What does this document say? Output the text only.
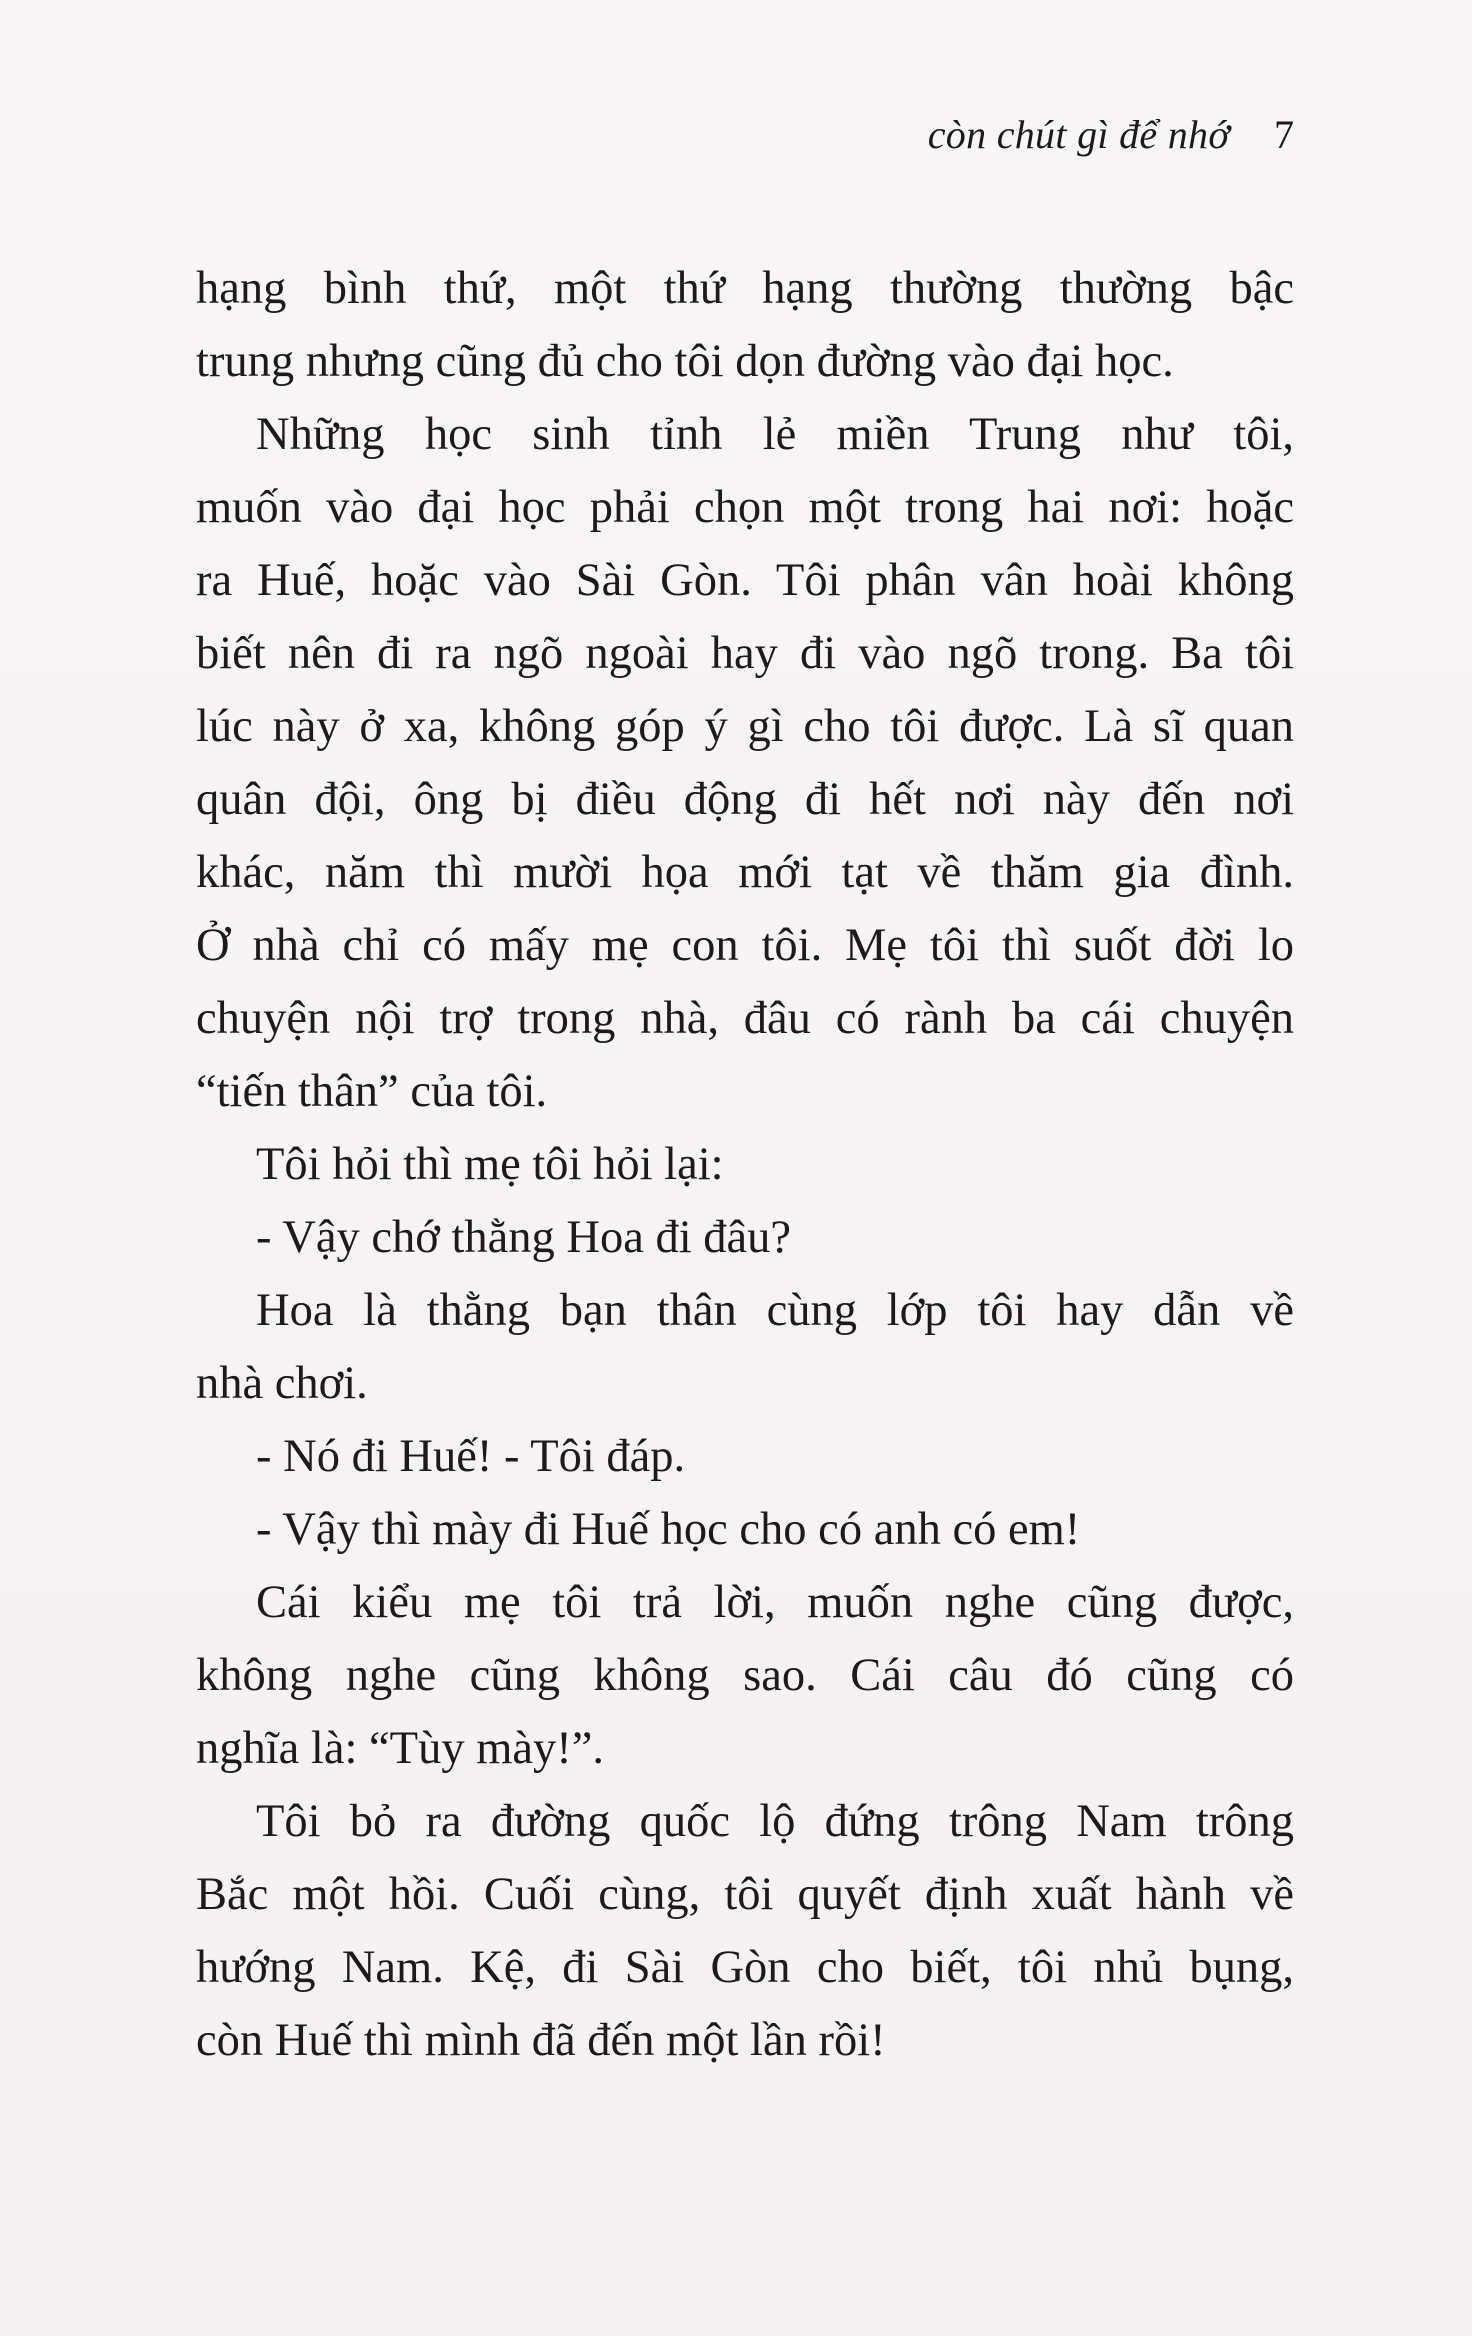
còn chút gì để nhớ 7

hạng bình thứ, một thứ hạng thường thường bậc
trung nhưng cũng đủ cho tôi dọn đường vào đại học.

Những học sinh tỉnh lẻ miền Trung như tôi,
muốn vào đại học phải chọn một trong hai nơi: hoặc
ra Huế, hoặc vào Sài Gòn. Tôi phân vân hoài không
biết nên đi ra ngõ ngoài hay đi vào ngõ trong. Ba tôi
lúc này ở xa, không góp ý gì cho tôi được. Là sĩ quan
quân đội, ông bị điều động đi hết nơi này đến nơi
khác, năm thì mười họa mới tạt về thăm gia đình.
Ở nhà chỉ có mấy mẹ con tôi. Mẹ tôi thì suốt đời lo
chuyện nội trợ trong nhà, đâu có rành ba cái chuyện
“tiến thân” của tôi.

Tôi hỏi thì mẹ tôi hỏi lại:

- Vậy chớ thằng Hoa đi đâu?

Hoa là thằng bạn thân cùng lớp tôi hay dẫn về
nhà chơi.

- Nó đi Huế! - Tôi đáp.

- Vậy thì mày đi Huế học cho có anh có em!

Cái kiểu mẹ tôi trả lời, muốn nghe cũng được,
không nghe cũng không sao. Cái câu đó cũng có
nghĩa là: “Tùy mày!”.

Tôi bỏ ra đường quốc lộ đứng trông Nam trông
Bắc một hồi. Cuối cùng, tôi quyết định xuất hành về
hướng Nam. Kệ, đi Sài Gòn cho biết, tôi nhủ bụng,
còn Huế thì mình đã đến một lần rồi!
